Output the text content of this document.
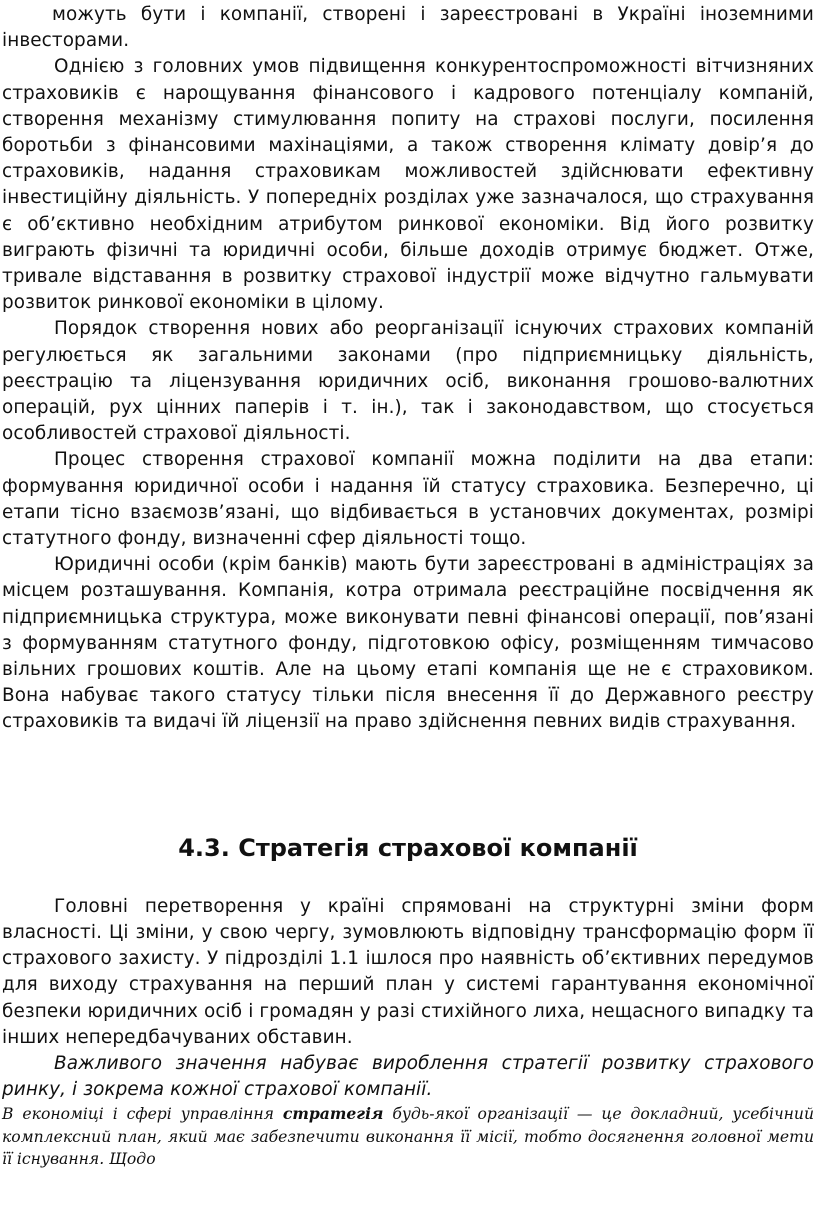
можуть бути і компанії, створені і зареєстровані в Україні іноземними інвесторами.

Однією з головних умов підвищення конкурентоспроможності вітчизняних страховиків є нарощування фінансового і кадрового потенціалу компаній, створення механізму стимулювання попиту на страхові послуги, посилення боротьби з фінансовими махінаціями, а також створення клімату довір’я до страховиків, надання страховикам можливостей здійснювати ефективну інвестиційну діяльність. У попередніх розділах уже зазначалося, що страхування є об’єктивно необхідним атрибутом ринкової економіки. Від його розвитку виграють фізичні та юридичні особи, більше доходів отримує бюджет. Отже, тривале відставання в розвитку страхової індустрії може відчутно гальмувати розвиток ринкової економіки в цілому.

Порядок створення нових або реорганізації існуючих страхових компаній регулюється як загальними законами (про підприємницьку діяльність, реєстрацію та ліцензування юридичних осіб, виконання грошово-валютних операцій, рух цінних паперів і т. ін.), так і законодавством, що стосується особливостей страхової діяльності.

Процес створення страхової компанії можна поділити на два етапи: формування юридичної особи і надання їй статусу страховика. Безперечно, ці етапи тісно взаємозв’язані, що відбивається в установчих документах, розмірі статутного фонду, визначенні сфер діяльності тощо.

Юридичні особи (крім банків) мають бути зареєстровані в адміністраціях за місцем розташування. Компанія, котра отримала реєстраційне посвідчення як підприємницька структура, може виконувати певні фінансові операції, пов’язані з формуванням статутного фонду, підготовкою офісу, розміщенням тимчасово вільних грошових коштів. Але на цьому етапі компанія ще не є страховиком. Вона набуває такого статусу тільки після внесення її до Державного реєстру страховиків та видачі їй ліцензії на право здійснення певних видів страхування.

4.3. Стратегія страхової компанії

Головні перетворення у країні спрямовані на структурні зміни форм власності. Ці зміни, у свою чергу, зумовлюють відповідну трансформацію форм її страхового захисту. У підрозділі 1.1 ішлося про наявність об’єктивних передумов для виходу страхування на перший план у системі гарантування економічної безпеки юридичних осіб і громадян у разі стихійного лиха, нещасного випадку та інших непередбачуваних обставин.

Важливого значення набуває вироблення стратегії розвитку страхового ринку, і зокрема кожної страхової компанії.

В економіці і сфері управління стратегія будь-якої організації — це докладний, усебічний комплексний план, який має забезпечити виконання її місії, тобто досягнення головної мети її існування. Щодо
